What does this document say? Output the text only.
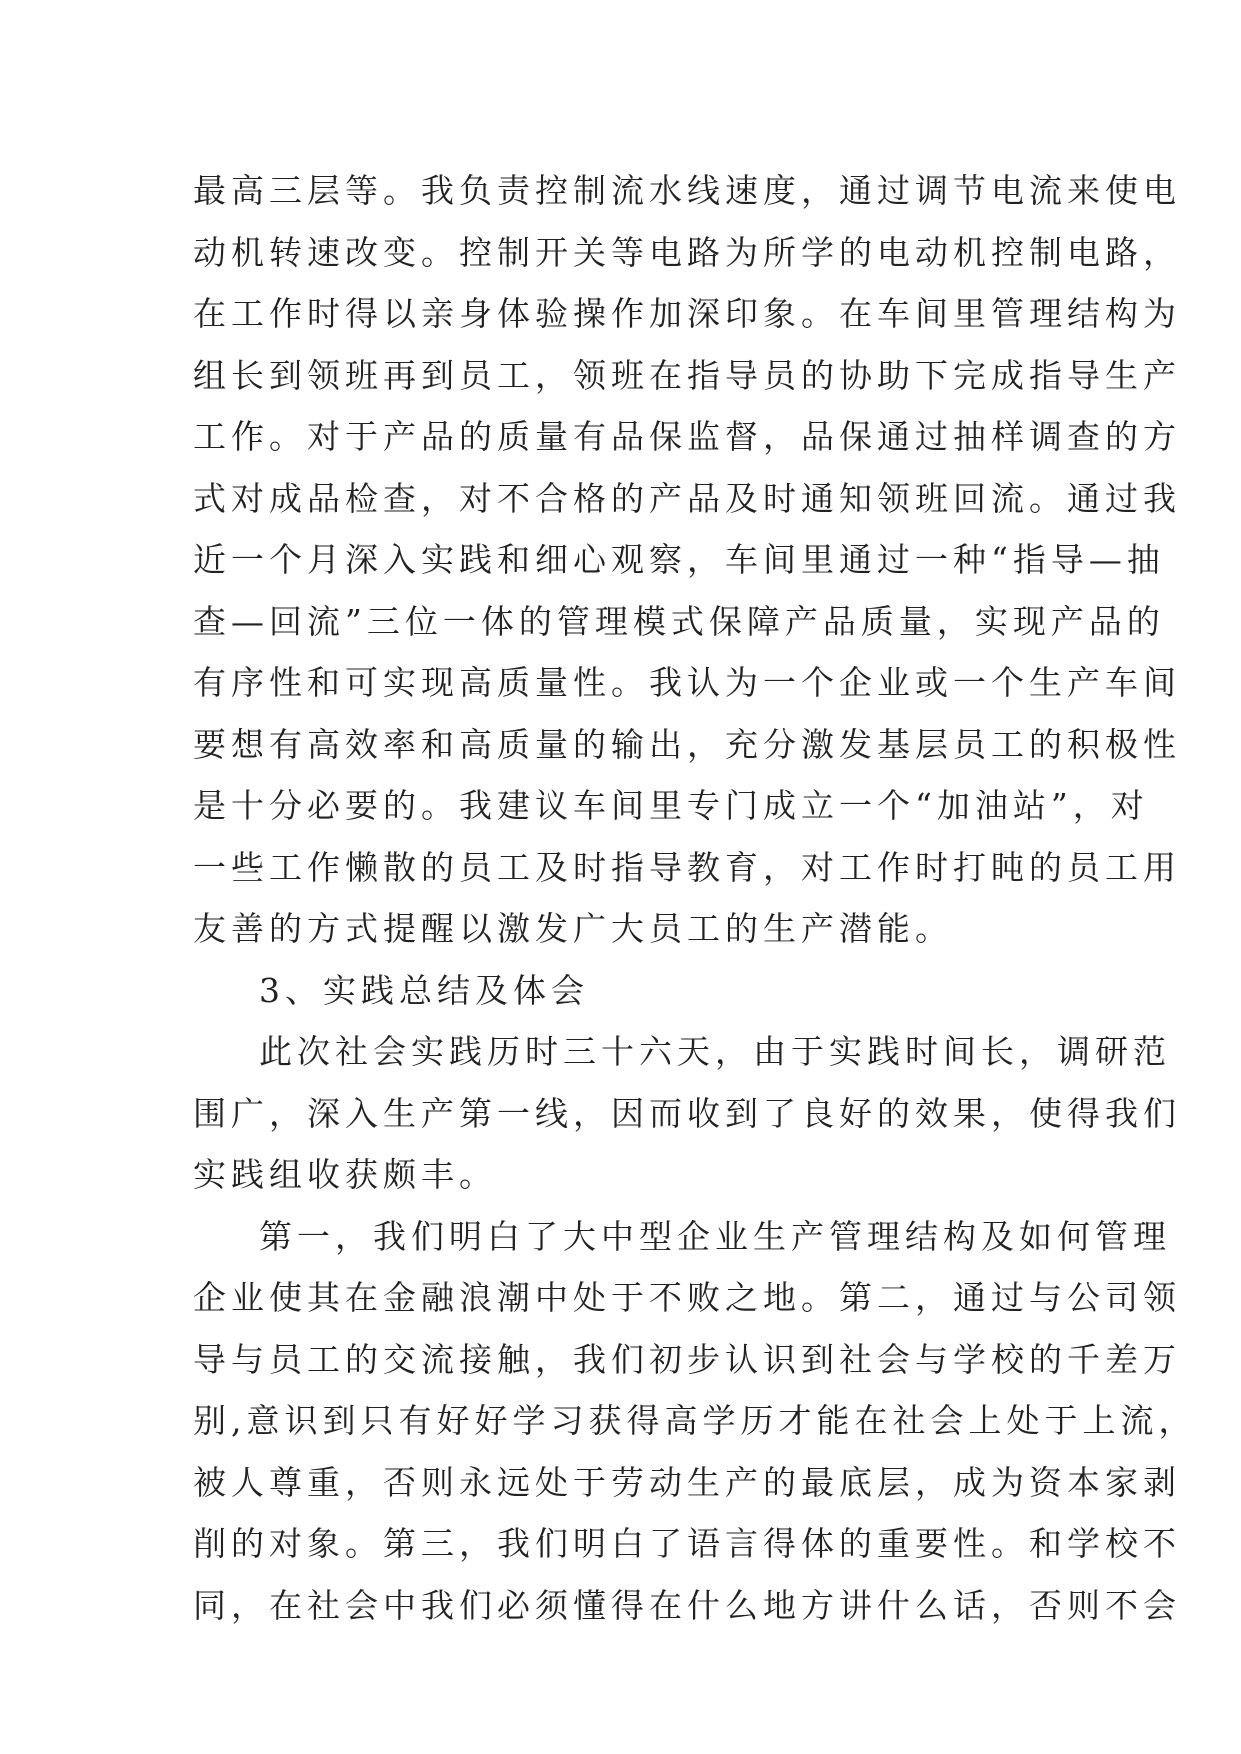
最高三层等。我负责控制流水线速度，通过调节电流来使电
动机转速改变。控制开关等电路为所学的电动机控制电路，
在工作时得以亲身体验操作加深印象。在车间里管理结构为
组长到领班再到员工，领班在指导员的协助下完成指导生产
工作。对于产品的质量有品保监督，品保通过抽样调查的方
式对成品检查，对不合格的产品及时通知领班回流。通过我
近一个月深入实践和细心观察，车间里通过一种“指导—抽
查—回流”三位一体的管理模式保障产品质量，实现产品的
有序性和可实现高质量性。我认为一个企业或一个生产车间
要想有高效率和高质量的输出，充分激发基层员工的积极性
是十分必要的。我建议车间里专门成立一个“加油站”，对
一些工作懒散的员工及时指导教育，对工作时打盹的员工用
友善的方式提醒以激发广大员工的生产潜能。
3、实践总结及体会
此次社会实践历时三十六天，由于实践时间长，调研范
围广，深入生产第一线，因而收到了良好的效果，使得我们
实践组收获颇丰。
第一，我们明白了大中型企业生产管理结构及如何管理
企业使其在金融浪潮中处于不败之地。第二，通过与公司领
导与员工的交流接触，我们初步认识到社会与学校的千差万
别,意识到只有好好学习获得高学历才能在社会上处于上流，
被人尊重，否则永远处于劳动生产的最底层，成为资本家剥
削的对象。第三，我们明白了语言得体的重要性。和学校不
同，在社会中我们必须懂得在什么地方讲什么话，否则不会
